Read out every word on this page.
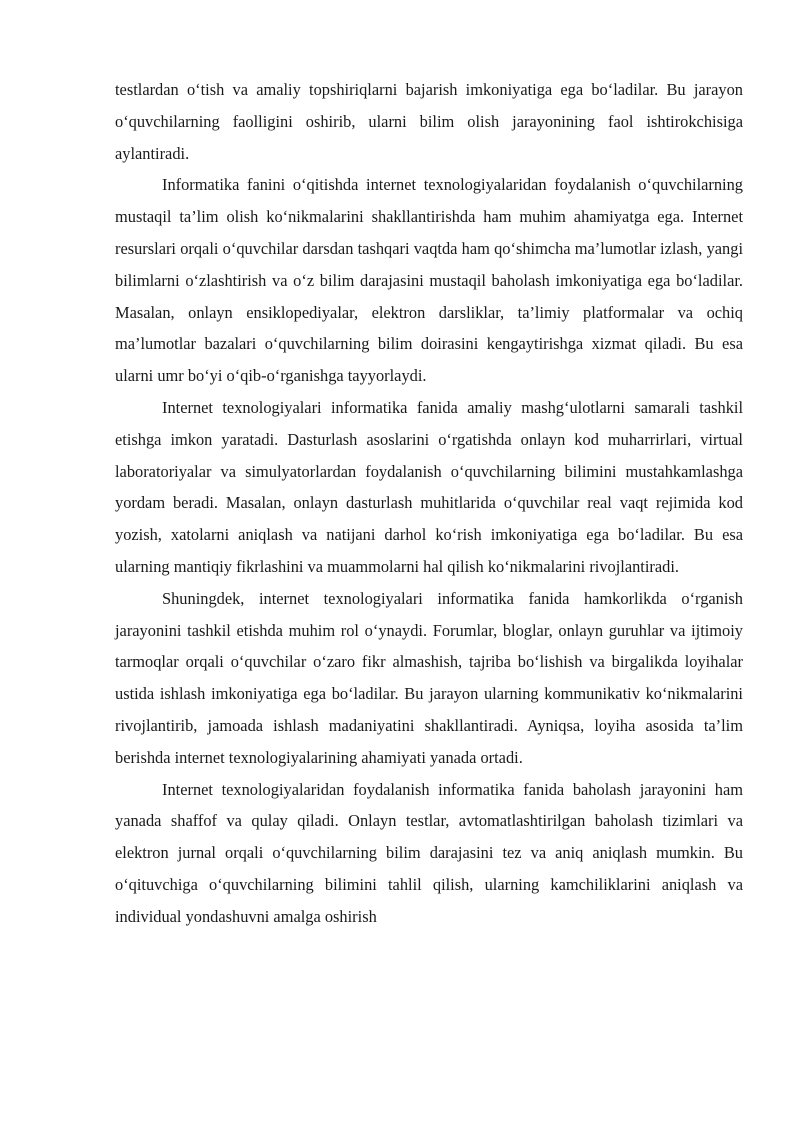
testlardan o‘tish va amaliy topshiriqlarni bajarish imkoniyatiga ega bo‘ladilar. Bu jarayon o‘quvchilarning faolligini oshirib, ularni bilim olish jarayonining faol ishtirokchisiga aylantiradi.

Informatika fanini o‘qitishda internet texnologiyalaridan foydalanish o‘quvchilarning mustaqil ta’lim olish ko‘nikmalarini shakllantirishda ham muhim ahamiyatga ega. Internet resurslari orqali o‘quvchilar darsdan tashqari vaqtda ham qo‘shimcha ma’lumotlar izlash, yangi bilimlarni o‘zlashtirish va o‘z bilim darajasini mustaqil baholash imkoniyatiga ega bo‘ladilar. Masalan, onlayn ensiklopediyalar, elektron darsliklar, ta’limiy platformalar va ochiq ma’lumotlar bazalari o‘quvchilarning bilim doirasini kengaytirishga xizmat qiladi. Bu esa ularni umr bo‘yi o‘qib-o‘rganishga tayyorlaydi.

Internet texnologiyalari informatika fanida amaliy mashg‘ulotlarni samarali tashkil etishga imkon yaratadi. Dasturlash asoslarini o‘rgatishda onlayn kod muharrirlari, virtual laboratoriyalar va simulyatorlardan foydalanish o‘quvchilarning bilimini mustahkamlashga yordam beradi. Masalan, onlayn dasturlash muhitlarida o‘quvchilar real vaqt rejimida kod yozish, xatolarni aniqlash va natijani darhol ko‘rish imkoniyatiga ega bo‘ladilar. Bu esa ularning mantiqiy fikrlashini va muammolarni hal qilish ko‘nikmalarini rivojlantiradi.

Shuningdek, internet texnologiyalari informatika fanida hamkorlikda o‘rganish jarayonini tashkil etishda muhim rol o‘ynaydi. Forumlar, bloglar, onlayn guruhlar va ijtimoiy tarmoqlar orqali o‘quvchilar o‘zaro fikr almashish, tajriba bo‘lishish va birgalikda loyihalar ustida ishlash imkoniyatiga ega bo‘ladilar. Bu jarayon ularning kommunikativ ko‘nikmalarini rivojlantirib, jamoada ishlash madaniyatini shakllantiradi. Ayniqsa, loyiha asosida ta’lim berishda internet texnologiyalarining ahamiyati yanada ortadi.

Internet texnologiyalaridan foydalanish informatika fanida baholash jarayonini ham yanada shaffof va qulay qiladi. Onlayn testlar, avtomatlashtirilgan baholash tizimlari va elektron jurnal orqali o‘quvchilarning bilim darajasini tez va aniq aniqlash mumkin. Bu o‘qituvchiga o‘quvchilarning bilimini tahlil qilish, ularning kamchiliklarini aniqlash va individual yondashuvni amalga oshirish
